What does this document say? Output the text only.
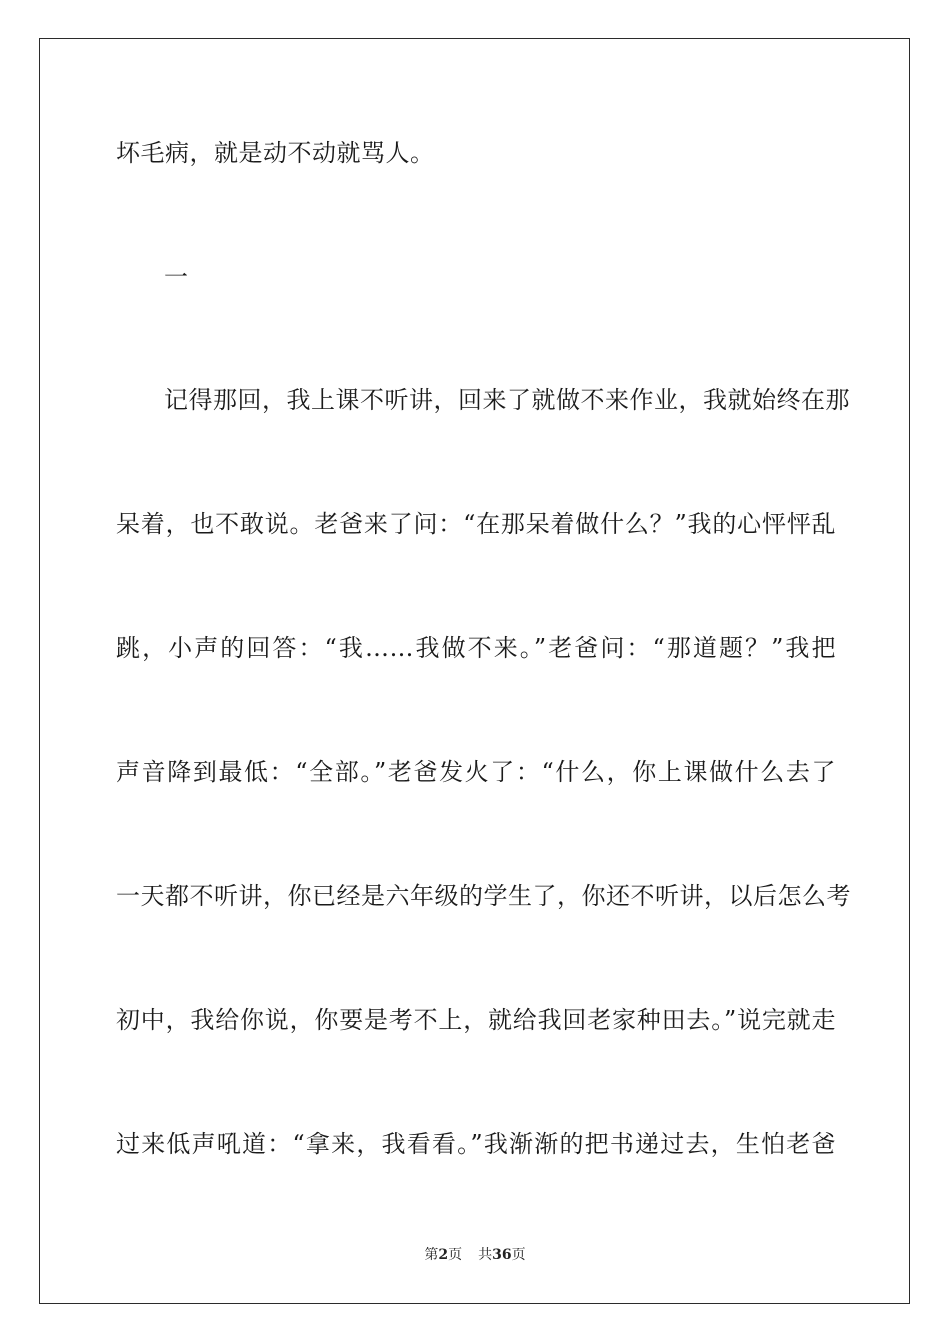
坏毛病，就是动不动就骂人。
一
记得那回，我上课不听讲，回来了就做不来作业，我就始终在那
呆着，也不敢说。老爸来了问：“在那呆着做什么？”我的心怦怦乱
跳，小声的回答：“我……我做不来。”老爸问：“那道题？”我把
声音降到最低：“全部。”老爸发火了：“什么，你上课做什么去了
一天都不听讲，你已经是六年级的学生了，你还不听讲，以后怎么考
初中，我给你说，你要是考不上，就给我回老家种田去。”说完就走
过来低声吼道：“拿来，我看看。”我渐渐的把书递过去，生怕老爸
第2页 共36页
